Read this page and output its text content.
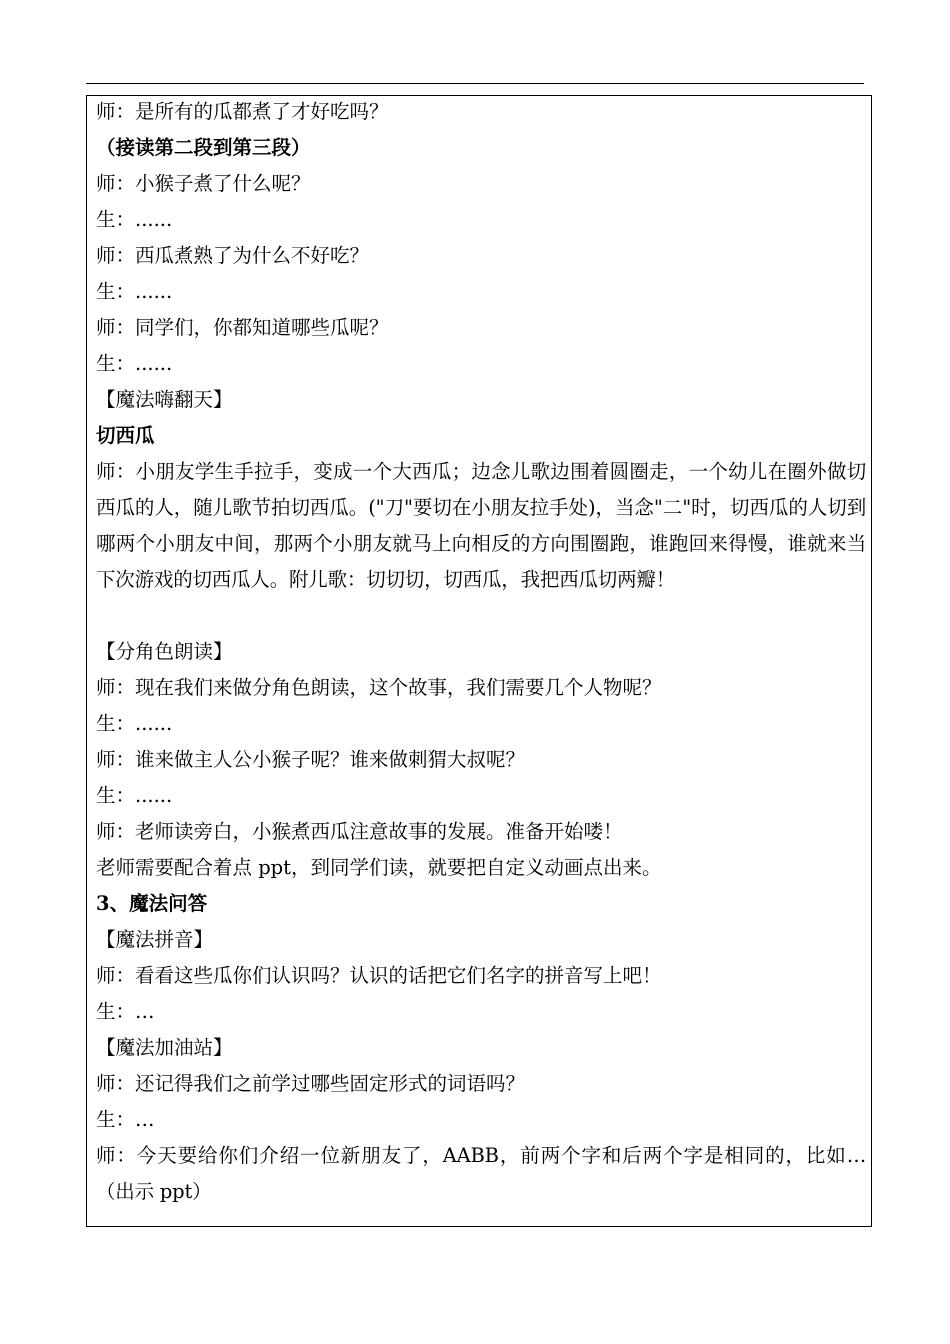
师：是所有的瓜都煮了才好吃吗？
（接读第二段到第三段）
师：小猴子煮了什么呢？
生：......
师：西瓜煮熟了为什么不好吃？
生：......
师：同学们，你都知道哪些瓜呢？
生：......
【魔法嗨翻天】
切西瓜
师：小朋友学生手拉手，变成一个大西瓜；边念儿歌边围着圆圈走，一个幼儿在圈外做切西瓜的人，随儿歌节拍切西瓜。("刀"要切在小朋友拉手处)，当念"二"时，切西瓜的人切到哪两个小朋友中间，那两个小朋友就马上向相反的方向围圈跑，谁跑回来得慢，谁就来当下次游戏的切西瓜人。附儿歌：切切切，切西瓜，我把西瓜切两瓣！
【分角色朗读】
师：现在我们来做分角色朗读，这个故事，我们需要几个人物呢？
生：......
师：谁来做主人公小猴子呢？谁来做刺猬大叔呢？
生：......
师：老师读旁白，小猴煮西瓜注意故事的发展。准备开始喽！
老师需要配合着点 ppt，到同学们读，就要把自定义动画点出来。
3、魔法问答
【魔法拼音】
师：看看这些瓜你们认识吗？认识的话把它们名字的拼音写上吧！
生：…
【魔法加油站】
师：还记得我们之前学过哪些固定形式的词语吗？
生：…
师：今天要给你们介绍一位新朋友了，AABB，前两个字和后两个字是相同的，比如…（出示 ppt）
